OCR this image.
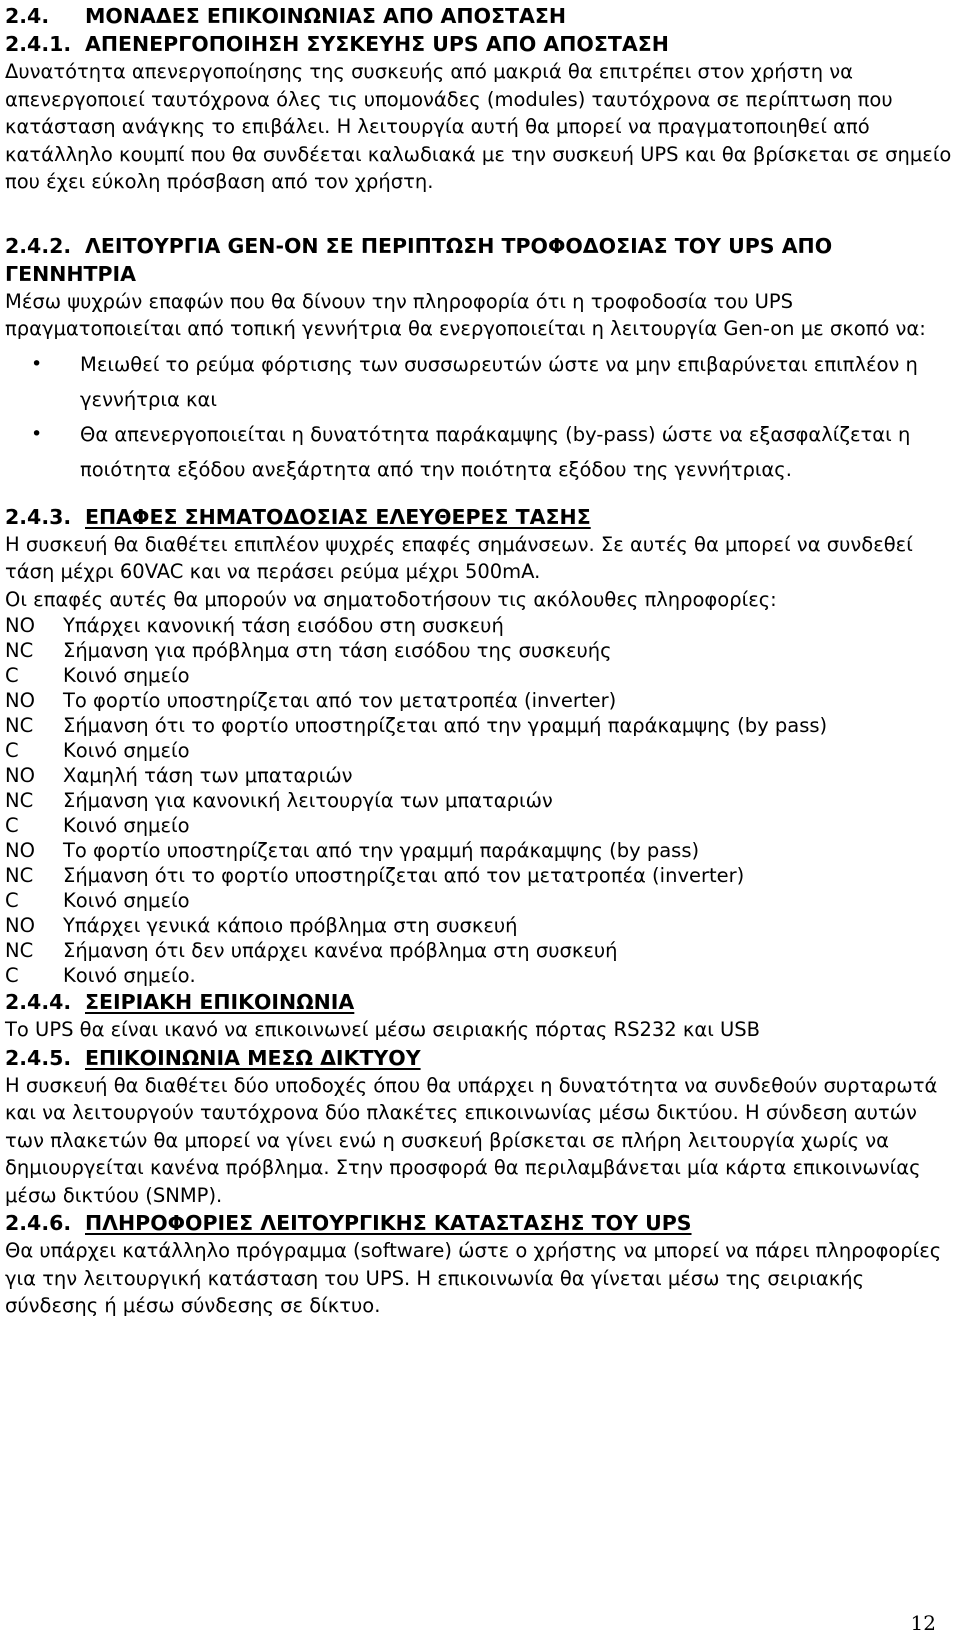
2.4. ΜΟΝΑΔΕΣ ΕΠΙΚΟΙΝΩΝΙΑΣ ΑΠΟ ΑΠΟΣΤΑΣΗ
2.4.1. ΑΠΕΝΕΡΓΟΠΟΙΗΣΗ ΣΥΣΚΕΥΗΣ UPS ΑΠΟ ΑΠΟΣΤΑΣΗ

Δυνατότητα απενεργοποίησης της συσκευής από μακριά θα επιτρέπει στον χρήστη να απενεργοποιεί ταυτόχρονα όλες τις υπομονάδες (modules) ταυτόχρονα σε περίπτωση που κατάσταση ανάγκης το επιβάλει. Η λειτουργία αυτή θα μπορεί να πραγματοποιηθεί από κατάλληλο κουμπί που θα συνδέεται καλωδιακά με την συσκευή UPS και θα βρίσκεται σε σημείο που έχει εύκολη πρόσβαση από τον χρήστη.

2.4.2. ΛΕΙΤΟΥΡΓΙΑ GEN-ON ΣΕ ΠΕΡΙΠΤΩΣΗ ΤΡΟΦΟΔΟΣΙΑΣ ΤΟΥ UPS ΑΠΟ
ΓΕΝΝΗΤΡΙΑ

Μέσω ψυχρών επαφών που θα δίνουν την πληροφορία ότι η τροφοδοσία του UPS πραγματοποιείται από τοπική γεννήτρια θα ενεργοποιείται η λειτουργία Gen-on με σκοπό να:

• Μειωθεί το ρεύμα φόρτισης των συσσωρευτών ώστε να μην επιβαρύνεται επιπλέον η γεννήτρια και
• Θα απενεργοποιείται η δυνατότητα παράκαμψης (by-pass) ώστε να εξασφαλίζεται η ποιότητα εξόδου ανεξάρτητα από την ποιότητα εξόδου της γεννήτριας.
2.4.3. ΕΠΑΦΕΣ ΣΗΜΑΤΟΔΟΣΙΑΣ ΕΛΕΥΘΕΡΕΣ ΤΑΣΗΣ

Η συσκευή θα διαθέτει επιπλέον ψυχρές επαφές σημάνσεων. Σε αυτές θα μπορεί να συνδεθεί τάση μέχρι 60VAC και να περάσει ρεύμα μέχρι 500mA.

Οι επαφές αυτές θα μπορούν να σηματοδοτήσουν τις ακόλουθες πληροφορίες:

NO	Υπάρχει κανονική τάση εισόδου στη συσκευή
NC	Σήμανση για πρόβλημα στη τάση εισόδου της συσκευής
C	Κοινό σημείο
NO	Το φορτίο υποστηρίζεται από τον μετατροπέα (inverter)
NC	Σήμανση ότι το φορτίο υποστηρίζεται από την γραμμή παράκαμψης (by pass)
C	Κοινό σημείο
NO	Χαμηλή τάση των μπαταριών
NC	Σήμανση για κανονική λειτουργία των μπαταριών
C	Κοινό σημείο
NO	Το φορτίο υποστηρίζεται από την γραμμή παράκαμψης (by pass)
NC	Σήμανση ότι το φορτίο υποστηρίζεται από τον μετατροπέα (inverter)
C	Κοινό σημείο
NO	Υπάρχει γενικά κάποιο πρόβλημα στη συσκευή
NC	Σήμανση ότι δεν υπάρχει κανένα πρόβλημα στη συσκευή
C	Κοινό σημείο.
2.4.4. ΣΕΙΡΙΑΚΗ ΕΠΙΚΟΙΝΩΝΙΑ

Το UPS θα είναι ικανό να επικοινωνεί μέσω σειριακής πόρτας RS232 και USB

2.4.5. ΕΠΙΚΟΙΝΩΝΙΑ ΜΕΣΩ ΔΙΚΤΥΟΥ

Η συσκευή θα διαθέτει δύο υποδοχές όπου θα υπάρχει η δυνατότητα να συνδεθούν συρταρωτά και να λειτουργούν ταυτόχρονα δύο πλακέτες επικοινωνίας μέσω δικτύου. Η σύνδεση αυτών των πλακετών θα μπορεί να γίνει ενώ η συσκευή βρίσκεται σε πλήρη λειτουργία χωρίς να δημιουργείται κανένα πρόβλημα. Στην προσφορά θα περιλαμβάνεται μία κάρτα επικοινωνίας μέσω δικτύου (SNMP).

2.4.6. ΠΛΗΡΟΦΟΡΙΕΣ ΛΕΙΤΟΥΡΓΙΚΗΣ ΚΑΤΑΣΤΑΣΗΣ ΤΟΥ UPS

Θα υπάρχει κατάλληλο πρόγραμμα (software) ώστε ο χρήστης να μπορεί να πάρει πληροφορίες για την λειτουργική κατάσταση του UPS. Η επικοινωνία θα γίνεται μέσω της σειριακής σύνδεσης ή μέσω σύνδεσης σε δίκτυο.

12
